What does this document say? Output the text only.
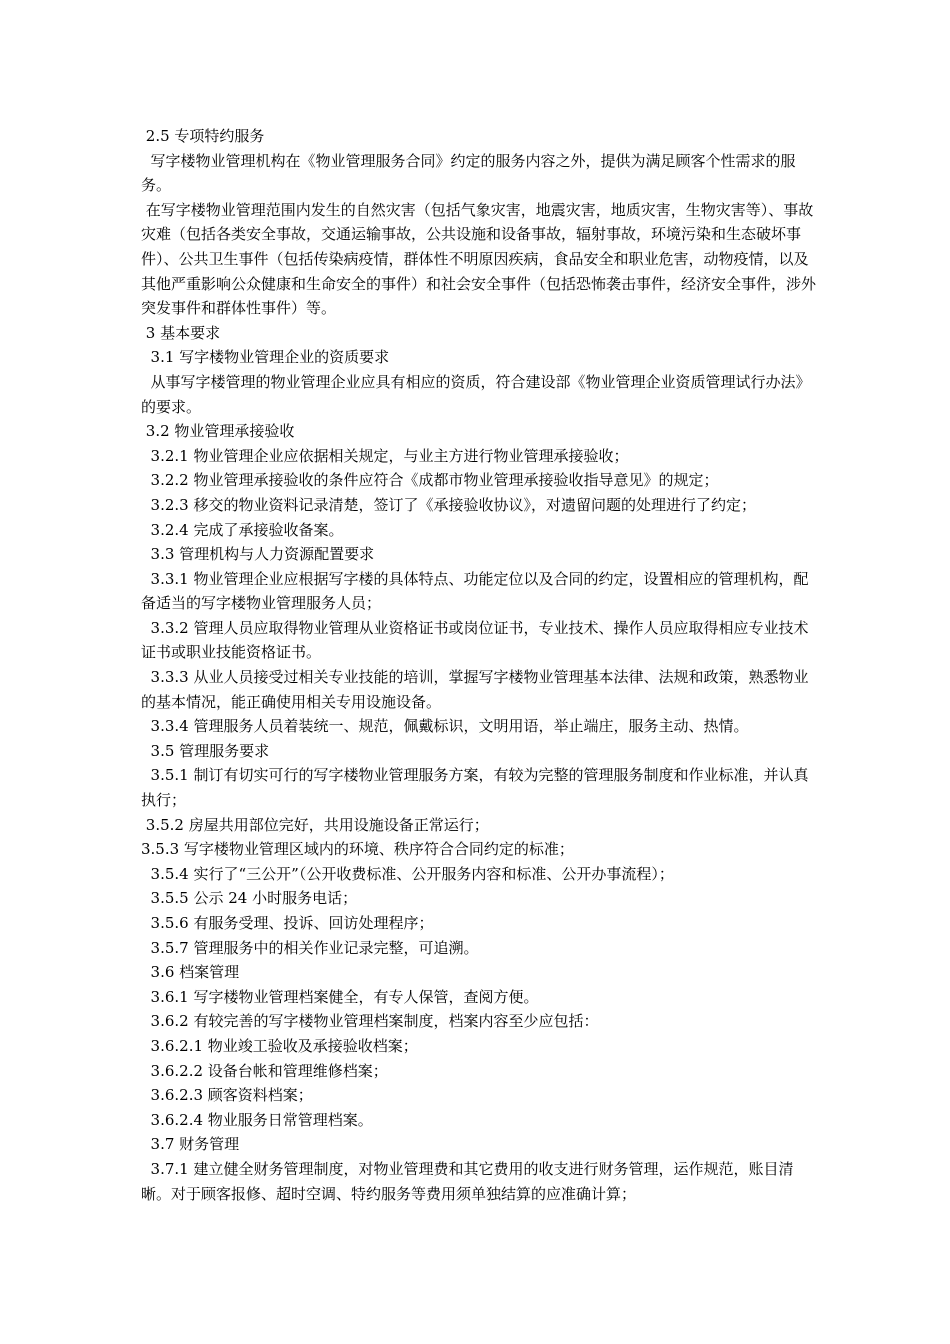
2.5 专项特约服务

写字楼物业管理机构在《物业管理服务合同》约定的服务内容之外，提供为满足顾客个性需求的服务。

在写字楼物业管理范围内发生的自然灾害（包括气象灾害，地震灾害，地质灾害，生物灾害等）、事故灾难（包括各类安全事故，交通运输事故，公共设施和设备事故，辐射事故，环境污染和生态破坏事件）、公共卫生事件（包括传染病疫情，群体性不明原因疾病，食品安全和职业危害，动物疫情，以及其他严重影响公众健康和生命安全的事件）和社会安全事件（包括恐怖袭击事件，经济安全事件，涉外突发事件和群体性事件）等。

3 基本要求

3.1 写字楼物业管理企业的资质要求

从事写字楼管理的物业管理企业应具有相应的资质，符合建设部《物业管理企业资质管理试行办法》的要求。

3.2 物业管理承接验收

3.2.1 物业管理企业应依据相关规定，与业主方进行物业管理承接验收；

3.2.2 物业管理承接验收的条件应符合《成都市物业管理承接验收指导意见》的规定；

3.2.3 移交的物业资料记录清楚，签订了《承接验收协议》，对遗留问题的处理进行了约定；

3.2.4 完成了承接验收备案。

3.3 管理机构与人力资源配置要求

3.3.1 物业管理企业应根据写字楼的具体特点、功能定位以及合同的约定，设置相应的管理机构，配备适当的写字楼物业管理服务人员；

3.3.2 管理人员应取得物业管理从业资格证书或岗位证书，专业技术、操作人员应取得相应专业技术证书或职业技能资格证书。

3.3.3 从业人员接受过相关专业技能的培训，掌握写字楼物业管理基本法律、法规和政策，熟悉物业的基本情况，能正确使用相关专用设施设备。

3.3.4 管理服务人员着装统一、规范，佩戴标识，文明用语，举止端庄，服务主动、热情。

3.5 管理服务要求

3.5.1 制订有切实可行的写字楼物业管理服务方案，有较为完整的管理服务制度和作业标准，并认真执行；

3.5.2 房屋共用部位完好，共用设施设备正常运行；

3.5.3 写字楼物业管理区域内的环境、秩序符合合同约定的标准；

3.5.4 实行了“三公开”（公开收费标准、公开服务内容和标准、公开办事流程）；

3.5.5 公示 24 小时服务电话；

3.5.6 有服务受理、投诉、回访处理程序；

3.5.7 管理服务中的相关作业记录完整，可追溯。

3.6 档案管理

3.6.1 写字楼物业管理档案健全，有专人保管，查阅方便。

3.6.2 有较完善的写字楼物业管理档案制度，档案内容至少应包括：

3.6.2.1 物业竣工验收及承接验收档案；

3.6.2.2 设备台帐和管理维修档案；

3.6.2.3 顾客资料档案；

3.6.2.4 物业服务日常管理档案。

3.7 财务管理

3.7.1 建立健全财务管理制度，对物业管理费和其它费用的收支进行财务管理，运作规范，账目清晰。对于顾客报修、超时空调、特约服务等费用须单独结算的应准确计算；
